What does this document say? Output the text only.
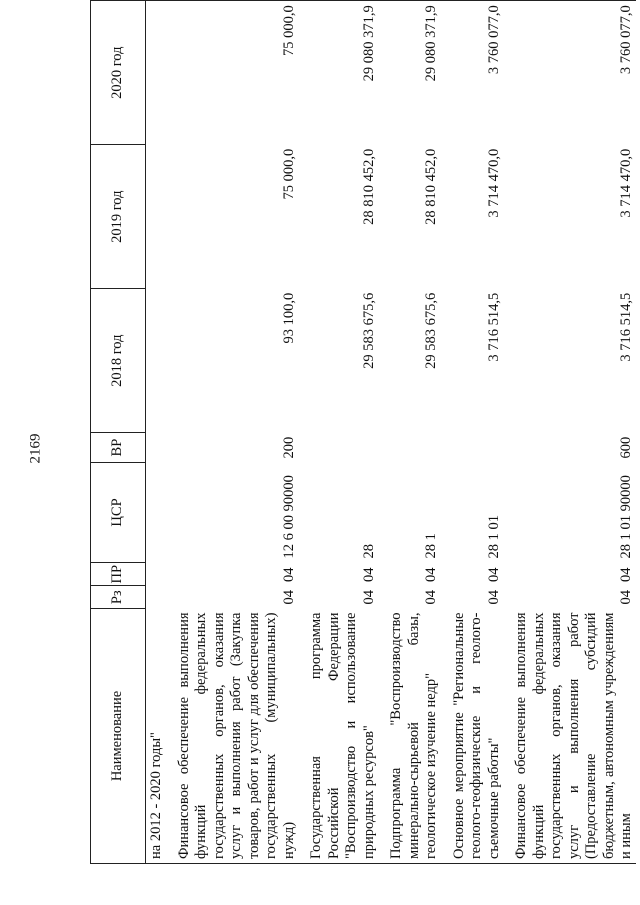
2169
Наименование	Рз	ПР	ЦСР	ВР	2018 год	2019 год	2020 год
на 2012 - 2020 годы"							
Финансовое обеспечение выполнения функций федеральных государственных органов, оказания услуг и выполнения работ (Закупка товаров, работ и услуг для обеспечения государственных (муниципальных) нужд)	04	04	12 6 00 90000	200	93 100,0	75 000,0	75 000,0
Государственная программа Российской Федерации "Воспроизводство и использование природных ресурсов"	04	04	28		29 583 675,6	28 810 452,0	29 080 371,9
Подпрограмма "Воспроизводство минерально-сырьевой базы, геологическое изучение недр"	04	04	28 1		29 583 675,6	28 810 452,0	29 080 371,9
Основное мероприятие "Региональные геолого-геофизические и геолого-съемочные работы"	04	04	28 1 01		3 716 514,5	3 714 470,0	3 760 077,0
Финансовое обеспечение выполнения функций федеральных государственных органов, оказания услуг и выполнения работ (Предоставление субсидий бюджетным, автономным учреждениям и иным	04	04	28 1 01 90000	600	3 716 514,5	3 714 470,0	3 760 077,0
